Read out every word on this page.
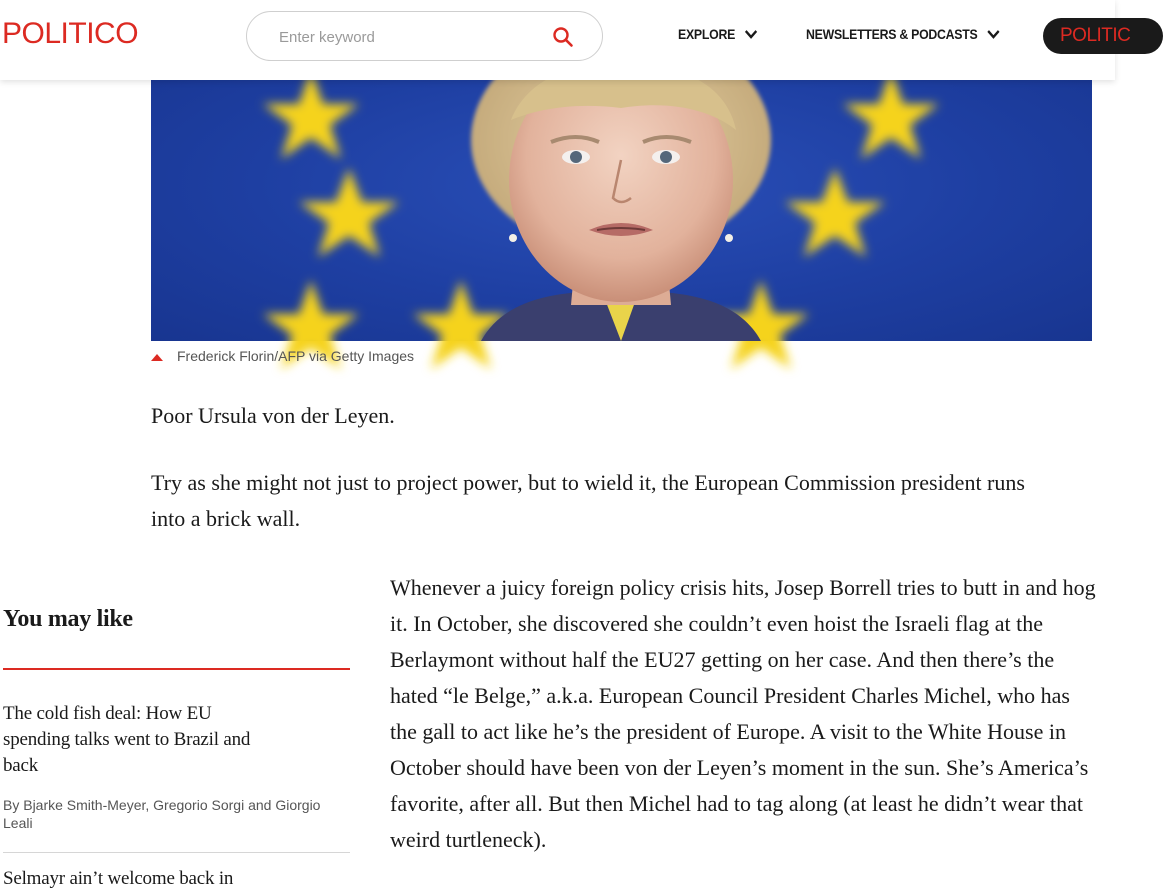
POLITICO
Enter keyword	EXPLORE	NEWSLETTERS & PODCASTS	POLITIC
Frederick Florin/AFP via Getty Images

Poor Ursula von der Leyen.

Try as she might not just to project power, but to wield it, the European Commission president runs into a brick wall.

Whenever a juicy foreign policy crisis hits, Josep Borrell tries to butt in and hog it. In October, she discovered she couldn’t even hoist the Israeli flag at the Berlaymont without half the EU27 getting on her case. And then there’s the hated “le Belge,” a.k.a. European Council President Charles Michel, who has the gall to act like he’s the president of Europe. A visit to the White House in October should have been von der Leyen’s moment in the sun. She’s America’s favorite, after all. But then Michel had to tag along (at least he didn’t wear that weird turtleneck).

You may like
The cold fish deal: How EU spending talks went to Brazil and back
By Bjarke Smith-Meyer, Gregorio Sorgi and Giorgio Leali
Selmayr ain’t welcome back in
